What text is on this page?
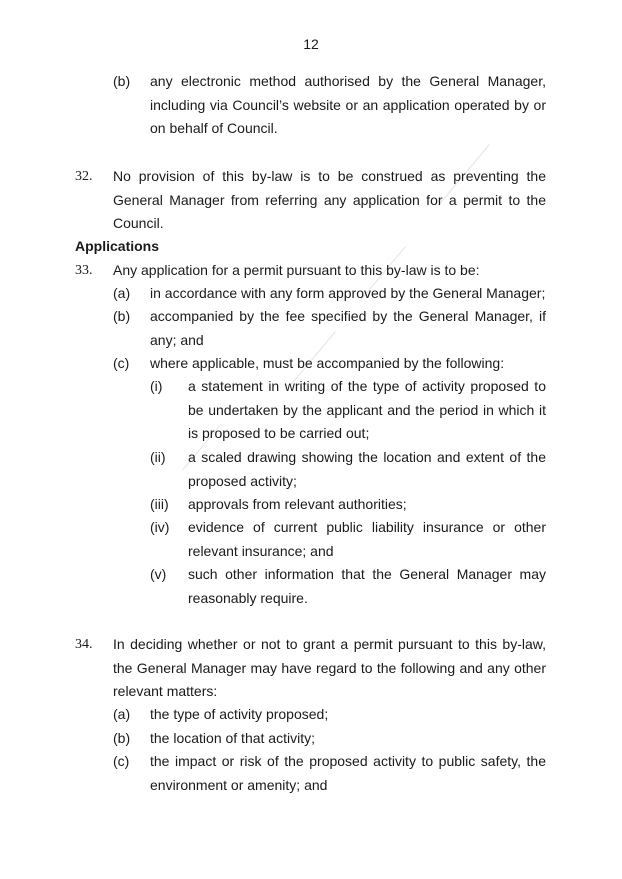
12
(b) any electronic method authorised by the General Manager, including via Council’s website or an application operated by or on behalf of Council.
32. No provision of this by-law is to be construed as preventing the General Manager from referring any application for a permit to the Council.
Applications
33. Any application for a permit pursuant to this by-law is to be:
(a) in accordance with any form approved by the General Manager;
(b) accompanied by the fee specified by the General Manager, if any; and
(c) where applicable, must be accompanied by the following:
(i) a statement in writing of the type of activity proposed to be undertaken by the applicant and the period in which it is proposed to be carried out;
(ii) a scaled drawing showing the location and extent of the proposed activity;
(iii) approvals from relevant authorities;
(iv) evidence of current public liability insurance or other relevant insurance; and
(v) such other information that the General Manager may reasonably require.
34. In deciding whether or not to grant a permit pursuant to this by-law, the General Manager may have regard to the following and any other relevant matters:
(a) the type of activity proposed;
(b) the location of that activity;
(c) the impact or risk of the proposed activity to public safety, the environment or amenity; and
